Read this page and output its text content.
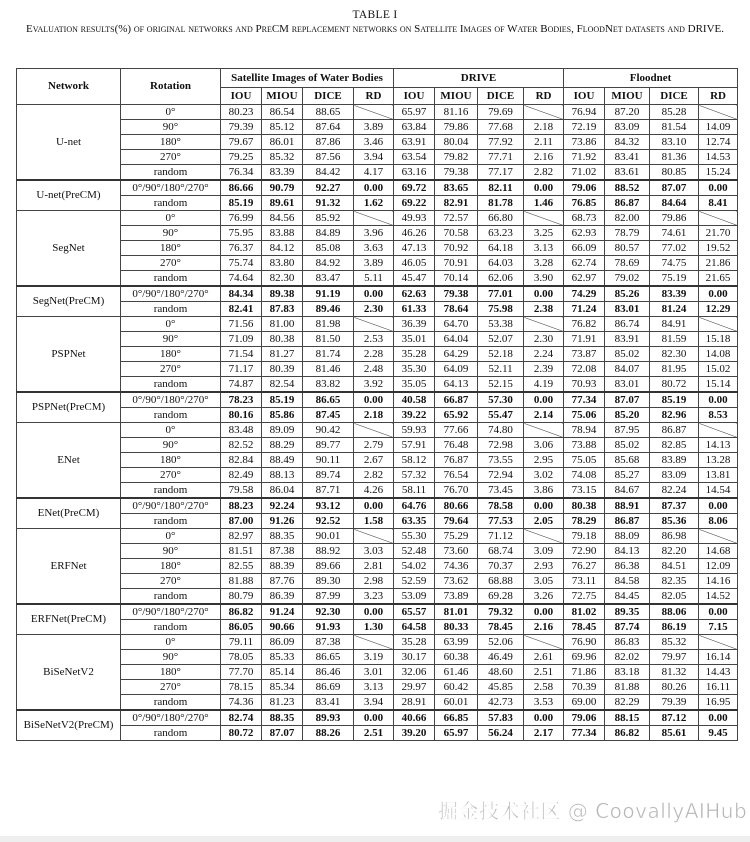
TABLE I
Evaluation results(%) of original networks and PreCM replacement networks on Satellite Images of Water Bodies, FloodNet datasets and DRIVE.
Network	Rotation	Satellite Images of Water Bodies				DRIVE				Floodnet			
		IOU	MIOU	DICE	RD	IOU	MIOU	DICE	RD	IOU	MIOU	DICE	RD
U-net	0°	80.23	86.54	88.65		65.97	81.16	79.69		76.94	87.20	85.28	
	90°	79.39	85.12	87.64	3.89	63.84	79.86	77.68	2.18	72.19	83.09	81.54	14.09
	180°	79.67	86.01	87.86	3.46	63.91	80.04	77.92	2.11	73.86	84.32	83.10	12.74
	270°	79.25	85.32	87.56	3.94	63.54	79.82	77.71	2.16	71.92	83.41	81.36	14.53
	random	76.34	83.39	84.42	4.17	63.16	79.38	77.17	2.82	71.02	83.61	80.85	15.24
U-net(PreCM)	0°/90°/180°/270°	86.66	90.79	92.27	0.00	69.72	83.65	82.11	0.00	79.06	88.52	87.07	0.00
	random	85.19	89.61	91.32	1.62	69.22	82.91	81.78	1.46	76.85	86.87	84.64	8.41
SegNet	0°	76.99	84.56	85.92		49.93	72.57	66.80		68.73	82.00	79.86	
	90°	75.95	83.88	84.89	3.96	46.26	70.58	63.23	3.25	62.93	78.79	74.61	21.70
	180°	76.37	84.12	85.08	3.63	47.13	70.92	64.18	3.13	66.09	80.57	77.02	19.52
	270°	75.74	83.80	84.92	3.89	46.05	70.91	64.03	3.28	62.74	78.69	74.75	21.86
	random	74.64	82.30	83.47	5.11	45.47	70.14	62.06	3.90	62.97	79.02	75.19	21.65
SegNet(PreCM)	0°/90°/180°/270°	84.34	89.38	91.19	0.00	62.63	79.38	77.01	0.00	74.29	85.26	83.39	0.00
	random	82.41	87.83	89.46	2.30	61.33	78.64	75.98	2.38	71.24	83.01	81.24	12.29
PSPNet	0°	71.56	81.00	81.98		36.39	64.70	53.38		76.82	86.74	84.91	
	90°	71.09	80.38	81.50	2.53	35.01	64.04	52.07	2.30	71.91	83.91	81.59	15.18
	180°	71.54	81.27	81.74	2.28	35.28	64.29	52.18	2.24	73.87	85.02	82.30	14.08
	270°	71.17	80.39	81.46	2.48	35.30	64.09	52.11	2.39	72.08	84.07	81.95	15.02
	random	74.87	82.54	83.82	3.92	35.05	64.13	52.15	4.19	70.93	83.01	80.72	15.14
PSPNet(PreCM)	0°/90°/180°/270°	78.23	85.19	86.65	0.00	40.58	66.87	57.30	0.00	77.34	87.07	85.19	0.00
	random	80.16	85.86	87.45	2.18	39.22	65.92	55.47	2.14	75.06	85.20	82.96	8.53
ENet	0°	83.48	89.09	90.42		59.93	77.66	74.80		78.94	87.95	86.87	
	90°	82.52	88.29	89.77	2.79	57.91	76.48	72.98	3.06	73.88	85.02	82.85	14.13
	180°	82.84	88.49	90.11	2.67	58.12	76.87	73.55	2.95	75.05	85.68	83.89	13.28
	270°	82.49	88.13	89.74	2.82	57.32	76.54	72.94	3.02	74.08	85.27	83.09	13.81
	random	79.58	86.04	87.71	4.26	58.11	76.70	73.45	3.86	73.15	84.67	82.24	14.54
ENet(PreCM)	0°/90°/180°/270°	88.23	92.24	93.12	0.00	64.76	80.66	78.58	0.00	80.38	88.91	87.37	0.00
	random	87.00	91.26	92.52	1.58	63.35	79.64	77.53	2.05	78.29	86.87	85.36	8.06
ERFNet	0°	82.97	88.35	90.01		55.30	75.29	71.12		79.18	88.09	86.98	
	90°	81.51	87.38	88.92	3.03	52.48	73.60	68.74	3.09	72.90	84.13	82.20	14.68
	180°	82.55	88.39	89.66	2.81	54.02	74.36	70.37	2.93	76.27	86.38	84.51	12.09
	270°	81.88	87.76	89.30	2.98	52.59	73.62	68.88	3.05	73.11	84.58	82.35	14.16
	random	80.79	86.39	87.99	3.23	53.09	73.89	69.28	3.26	72.75	84.45	82.05	14.52
ERFNet(PreCM)	0°/90°/180°/270°	86.82	91.24	92.30	0.00	65.57	81.01	79.32	0.00	81.02	89.35	88.06	0.00
	random	86.05	90.66	91.93	1.30	64.58	80.33	78.45	2.16	78.45	87.74	86.19	7.15
BiSeNetV2	0°	79.11	86.09	87.38		35.28	63.99	52.06		76.90	86.83	85.32	
	90°	78.05	85.33	86.65	3.19	30.17	60.38	46.49	2.61	69.96	82.02	79.97	16.14
	180°	77.70	85.14	86.46	3.01	32.06	61.46	48.60	2.51	71.86	83.18	81.32	14.43
	270°	78.15	85.34	86.69	3.13	29.97	60.42	45.85	2.58	70.39	81.88	80.26	16.11
	random	74.36	81.23	83.41	3.94	28.91	60.01	42.73	3.53	69.00	82.29	79.39	16.95
BiSeNetV2(PreCM)	0°/90°/180°/270°	82.74	88.35	89.93	0.00	40.66	66.85	57.83	0.00	79.06	88.15	87.12	0.00
	random	80.72	87.07	88.26	2.51	39.20	65.97	56.24	2.17	77.34	86.82	85.61	9.45
掘金技术社区 @ CoovallyAIHub
